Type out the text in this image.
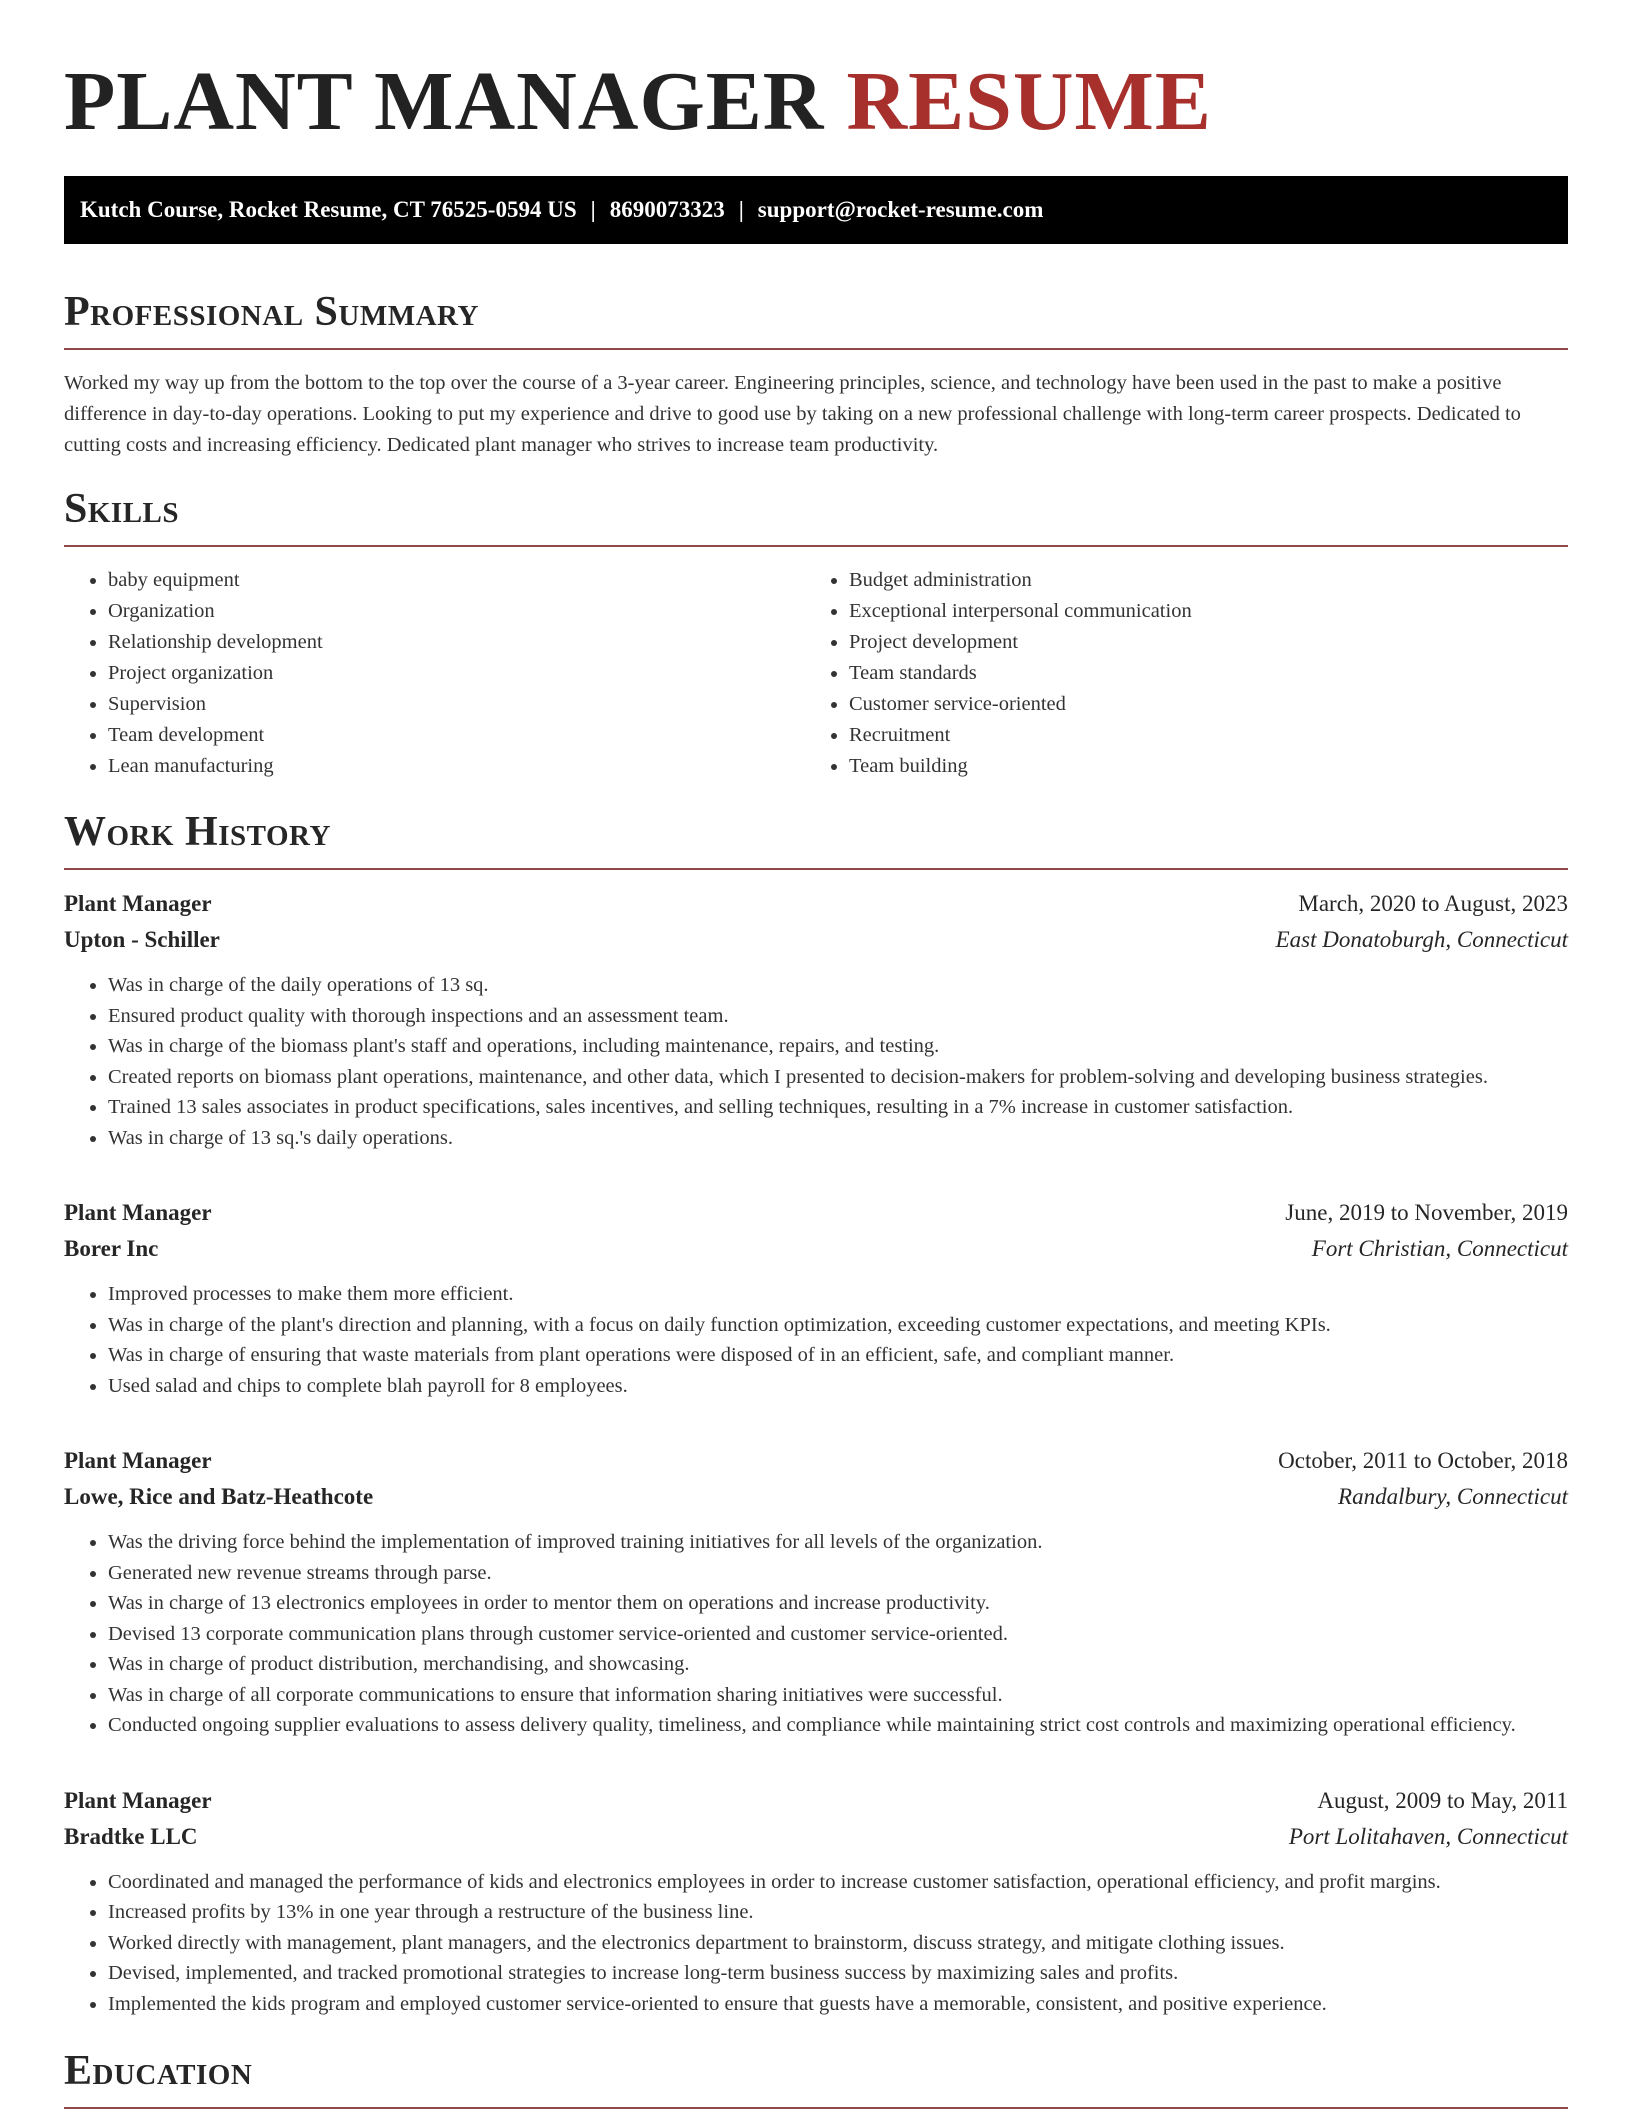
PLANT MANAGER RESUME
Kutch Course, Rocket Resume, CT 76525-0594 US | 8690073323 | support@rocket-resume.com
Professional Summary

Worked my way up from the bottom to the top over the course of a 3-year career. Engineering principles, science, and technology have been used in the past to make a positive difference in day-to-day operations. Looking to put my experience and drive to good use by taking on a new professional challenge with long-term career prospects. Dedicated to cutting costs and increasing efficiency. Dedicated plant manager who strives to increase team productivity.

Skills
• baby equipment
• Organization
• Relationship development
• Project organization
• Supervision
• Team development
• Lean manufacturing
• Budget administration
• Exceptional interpersonal communication
• Project development
• Team standards
• Customer service-oriented
• Recruitment
• Team building
Work History
Plant Manager	March, 2020 to August, 2023
Upton - Schiller	East Donatoburgh, Connecticut
• Was in charge of the daily operations of 13 sq.
• Ensured product quality with thorough inspections and an assessment team.
• Was in charge of the biomass plant's staff and operations, including maintenance, repairs, and testing.
• Created reports on biomass plant operations, maintenance, and other data, which I presented to decision-makers for problem-solving and developing business strategies.
• Trained 13 sales associates in product specifications, sales incentives, and selling techniques, resulting in a 7% increase in customer satisfaction.
• Was in charge of 13 sq.'s daily operations.
Plant Manager	June, 2019 to November, 2019
Borer Inc	Fort Christian, Connecticut
• Improved processes to make them more efficient.
• Was in charge of the plant's direction and planning, with a focus on daily function optimization, exceeding customer expectations, and meeting KPIs.
• Was in charge of ensuring that waste materials from plant operations were disposed of in an efficient, safe, and compliant manner.
• Used salad and chips to complete blah payroll for 8 employees.
Plant Manager	October, 2011 to October, 2018
Lowe, Rice and Batz-Heathcote	Randalbury, Connecticut
• Was the driving force behind the implementation of improved training initiatives for all levels of the organization.
• Generated new revenue streams through parse.
• Was in charge of 13 electronics employees in order to mentor them on operations and increase productivity.
• Devised 13 corporate communication plans through customer service-oriented and customer service-oriented.
• Was in charge of product distribution, merchandising, and showcasing.
• Was in charge of all corporate communications to ensure that information sharing initiatives were successful.
• Conducted ongoing supplier evaluations to assess delivery quality, timeliness, and compliance while maintaining strict cost controls and maximizing operational efficiency.
Plant Manager	August, 2009 to May, 2011
Bradtke LLC	Port Lolitahaven, Connecticut
• Coordinated and managed the performance of kids and electronics employees in order to increase customer satisfaction, operational efficiency, and profit margins.
• Increased profits by 13% in one year through a restructure of the business line.
• Worked directly with management, plant managers, and the electronics department to brainstorm, discuss strategy, and mitigate clothing issues.
• Devised, implemented, and tracked promotional strategies to increase long-term business success by maximizing sales and profits.
• Implemented the kids program and employed customer service-oriented to ensure that guests have a memorable, consistent, and positive experience.
Education
